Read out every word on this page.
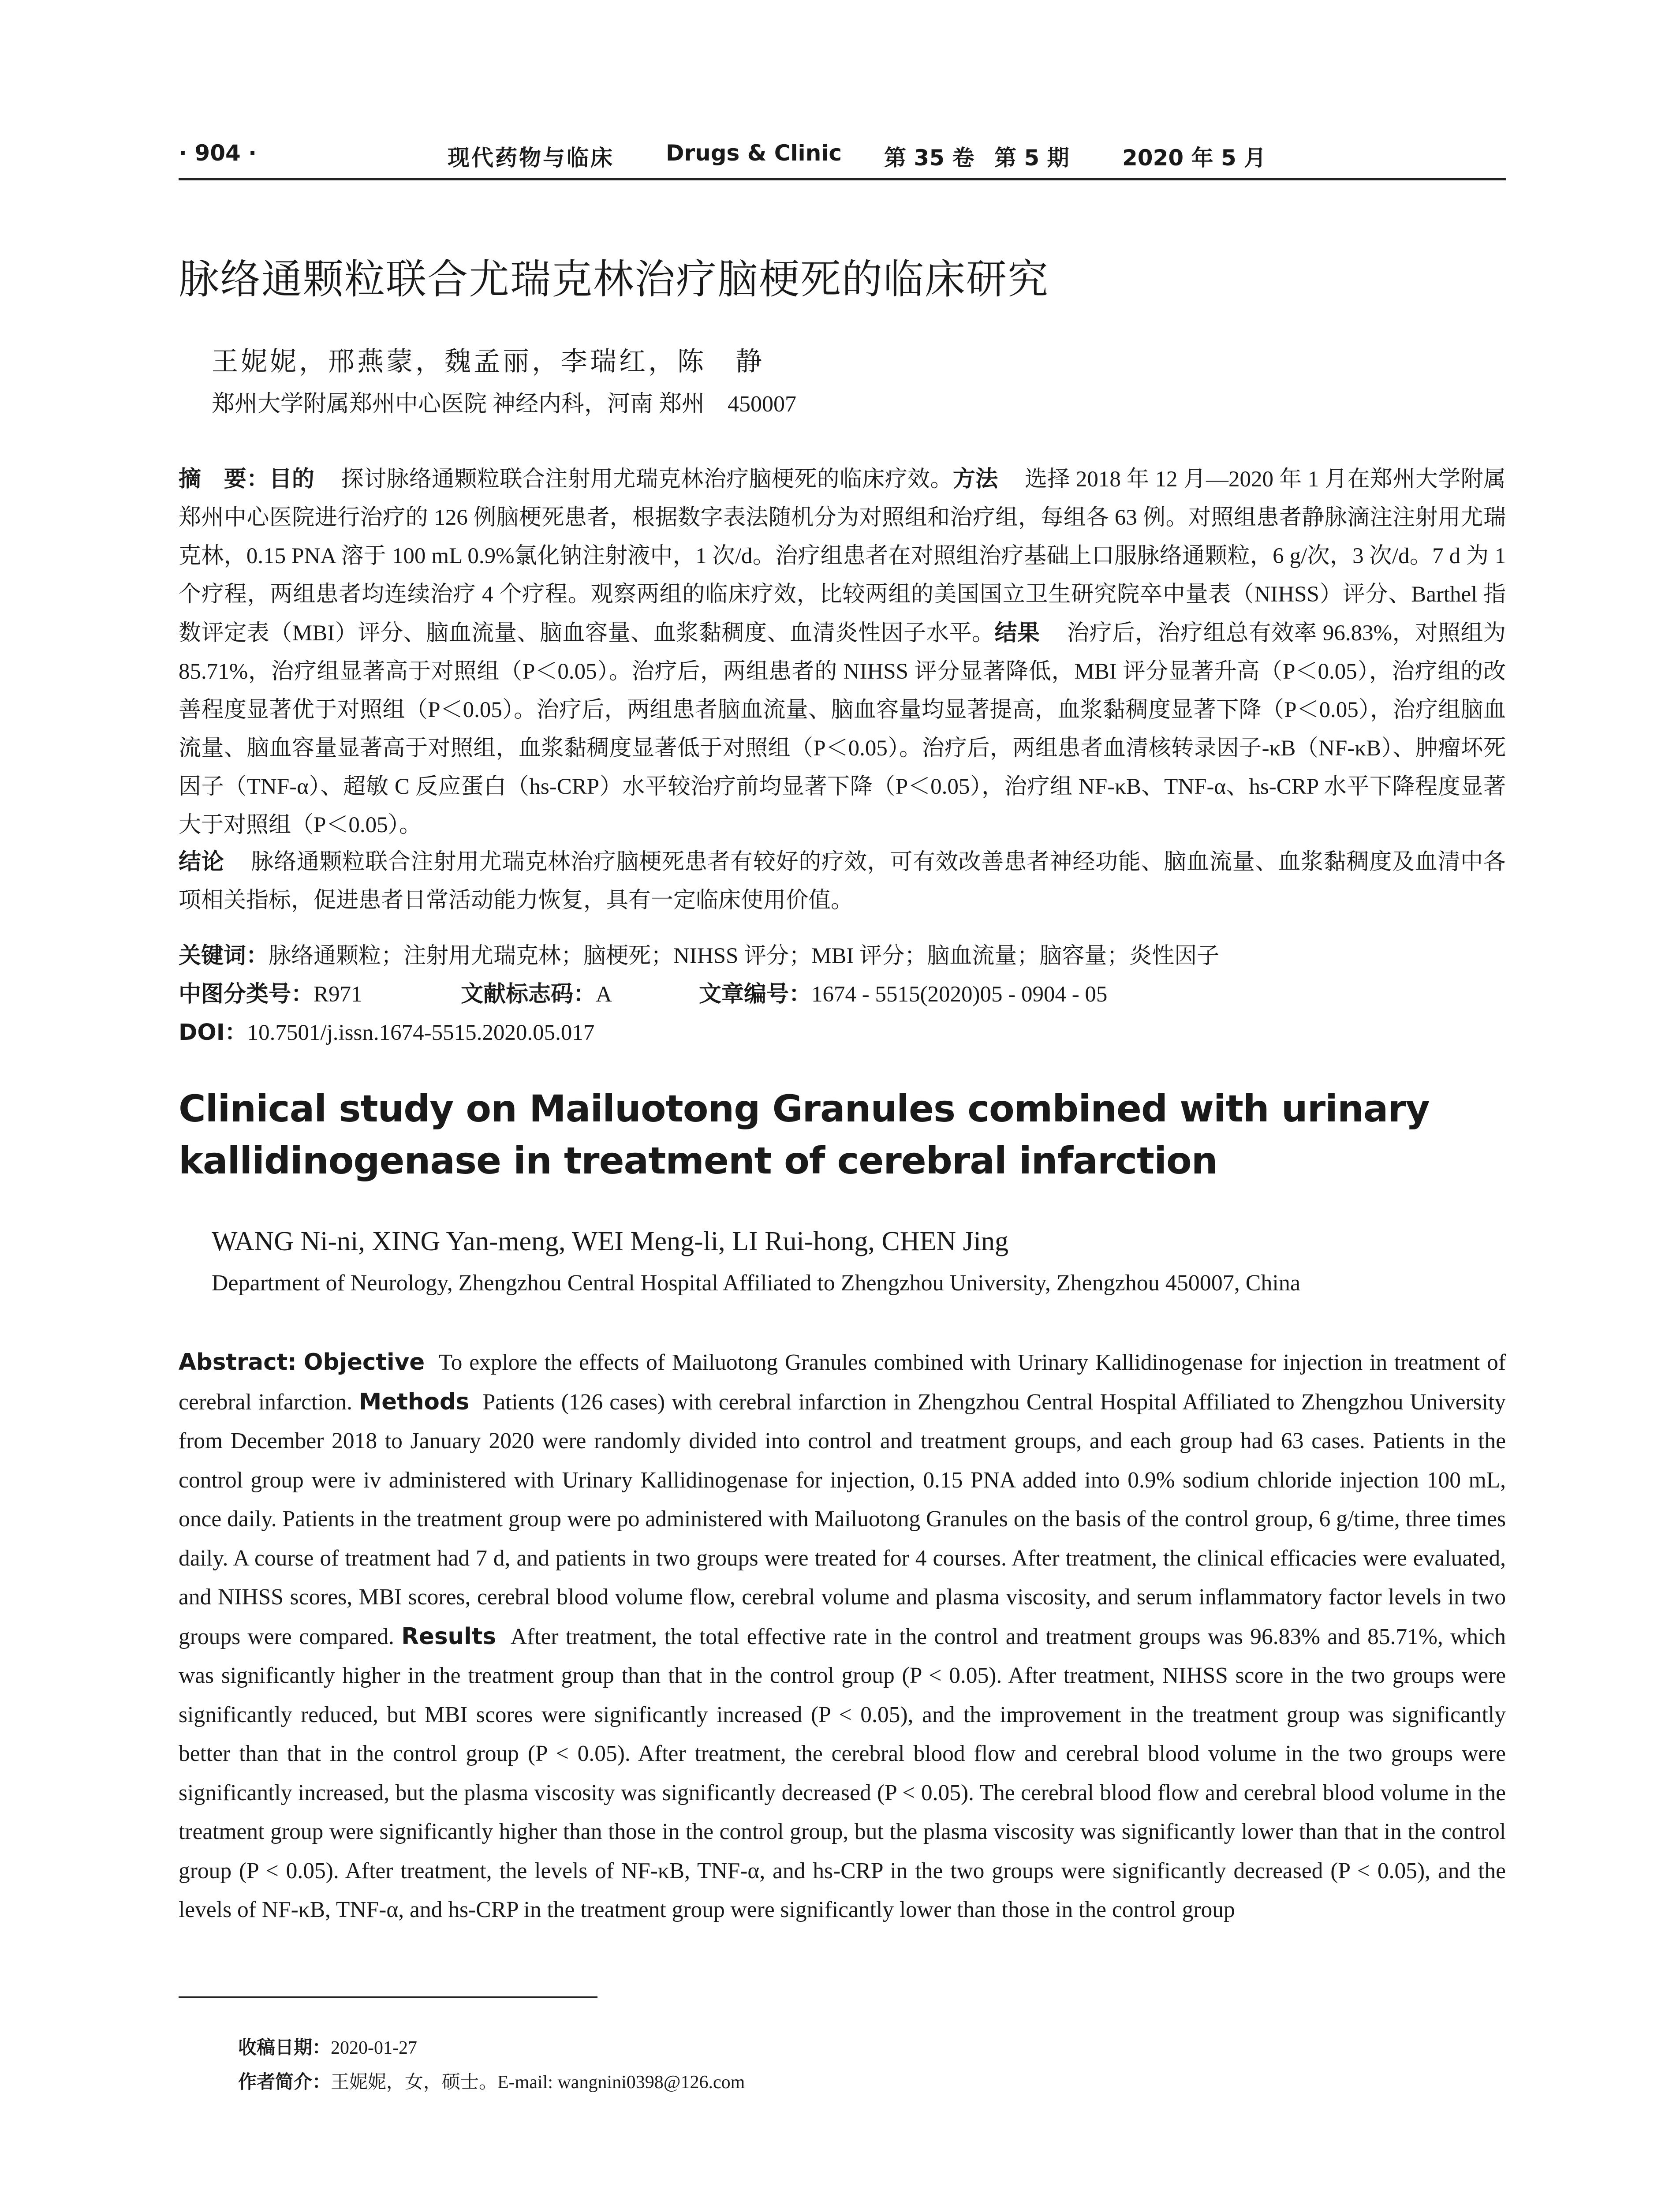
· 904 ·	现代药物与临床 Drugs & Clinic 第 35 卷 第 5 期 2020 年 5 月
脉络通颗粒联合尤瑞克林治疗脑梗死的临床研究
王妮妮，邢燕蒙，魏孟丽，李瑞红，陈　静
郑州大学附属郑州中心医院 神经内科，河南 郑州　450007
摘　要：目的 探讨脉络通颗粒联合注射用尤瑞克林治疗脑梗死的临床疗效。方法 选择 2018 年 12 月—2020 年 1 月在郑州大学附属郑州中心医院进行治疗的 126 例脑梗死患者，根据数字表法随机分为对照组和治疗组，每组各 63 例。对照组患者静脉滴注注射用尤瑞克林，0.15 PNA 溶于 100 mL 0.9%氯化钠注射液中，1 次/d。治疗组患者在对照组治疗基础上口服脉络通颗粒，6 g/次，3 次/d。7 d 为 1 个疗程，两组患者均连续治疗 4 个疗程。观察两组的临床疗效，比较两组的美国国立卫生研究院卒中量表（NIHSS）评分、Barthel 指数评定表（MBI）评分、脑血流量、脑血容量、血浆黏稠度、血清炎性因子水平。结果 治疗后，治疗组总有效率 96.83%，对照组为 85.71%，治疗组显著高于对照组（P＜0.05）。治疗后，两组患者的 NIHSS 评分显著降低，MBI 评分显著升高（P＜0.05），治疗组的改善程度显著优于对照组（P＜0.05）。治疗后，两组患者脑血流量、脑血容量均显著提高，血浆黏稠度显著下降（P＜0.05），治疗组脑血流量、脑血容量显著高于对照组，血浆黏稠度显著低于对照组（P＜0.05）。治疗后，两组患者血清核转录因子-κB（NF-κB）、肿瘤坏死因子（TNF-α）、超敏 C 反应蛋白（hs-CRP）水平较治疗前均显著下降（P＜0.05），治疗组 NF-κB、TNF-α、hs-CRP 水平下降程度显著大于对照组（P＜0.05）。
结论 脉络通颗粒联合注射用尤瑞克林治疗脑梗死患者有较好的疗效，可有效改善患者神经功能、脑血流量、血浆黏稠度及血清中各项相关指标，促进患者日常活动能力恢复，具有一定临床使用价值。
关键词：脉络通颗粒；注射用尤瑞克林；脑梗死；NIHSS 评分；MBI 评分；脑血流量；脑容量；炎性因子
中图分类号：R971	文献标志码：A	文章编号：1674 - 5515(2020)05 - 0904 - 05
DOI：10.7501/j.issn.1674-5515.2020.05.017
Clinical study on Mailuotong Granules combined with urinary kallidinogenase in treatment of cerebral infarction
WANG Ni-ni, XING Yan-meng, WEI Meng-li, LI Rui-hong, CHEN Jing
Department of Neurology, Zhengzhou Central Hospital Affiliated to Zhengzhou University, Zhengzhou 450007, China
Abstract: Objective To explore the effects of Mailuotong Granules combined with Urinary Kallidinogenase for injection in treatment of cerebral infarction. Methods Patients (126 cases) with cerebral infarction in Zhengzhou Central Hospital Affiliated to Zhengzhou University from December 2018 to January 2020 were randomly divided into control and treatment groups, and each group had 63 cases. Patients in the control group were iv administered with Urinary Kallidinogenase for injection, 0.15 PNA added into 0.9% sodium chloride injection 100 mL, once daily. Patients in the treatment group were po administered with Mailuotong Granules on the basis of the control group, 6 g/time, three times daily. A course of treatment had 7 d, and patients in two groups were treated for 4 courses. After treatment, the clinical efficacies were evaluated, and NIHSS scores, MBI scores, cerebral blood volume flow, cerebral volume and plasma viscosity, and serum inflammatory factor levels in two groups were compared. Results After treatment, the total effective rate in the control and treatment groups was 96.83% and 85.71%, which was significantly higher in the treatment group than that in the control group (P < 0.05). After treatment, NIHSS score in the two groups were significantly reduced, but MBI scores were significantly increased (P < 0.05), and the improvement in the treatment group was significantly better than that in the control group (P < 0.05). After treatment, the cerebral blood flow and cerebral blood volume in the two groups were significantly increased, but the plasma viscosity was significantly decreased (P < 0.05). The cerebral blood flow and cerebral blood volume in the treatment group were significantly higher than those in the control group, but the plasma viscosity was significantly lower than that in the control group (P < 0.05). After treatment, the levels of NF-κB, TNF-α, and hs-CRP in the two groups were significantly decreased (P < 0.05), and the levels of NF-κB, TNF-α, and hs-CRP in the treatment group were significantly lower than those in the control group
收稿日期：2020-01-27
作者简介：王妮妮，女，硕士。E-mail: wangnini0398@126.com
